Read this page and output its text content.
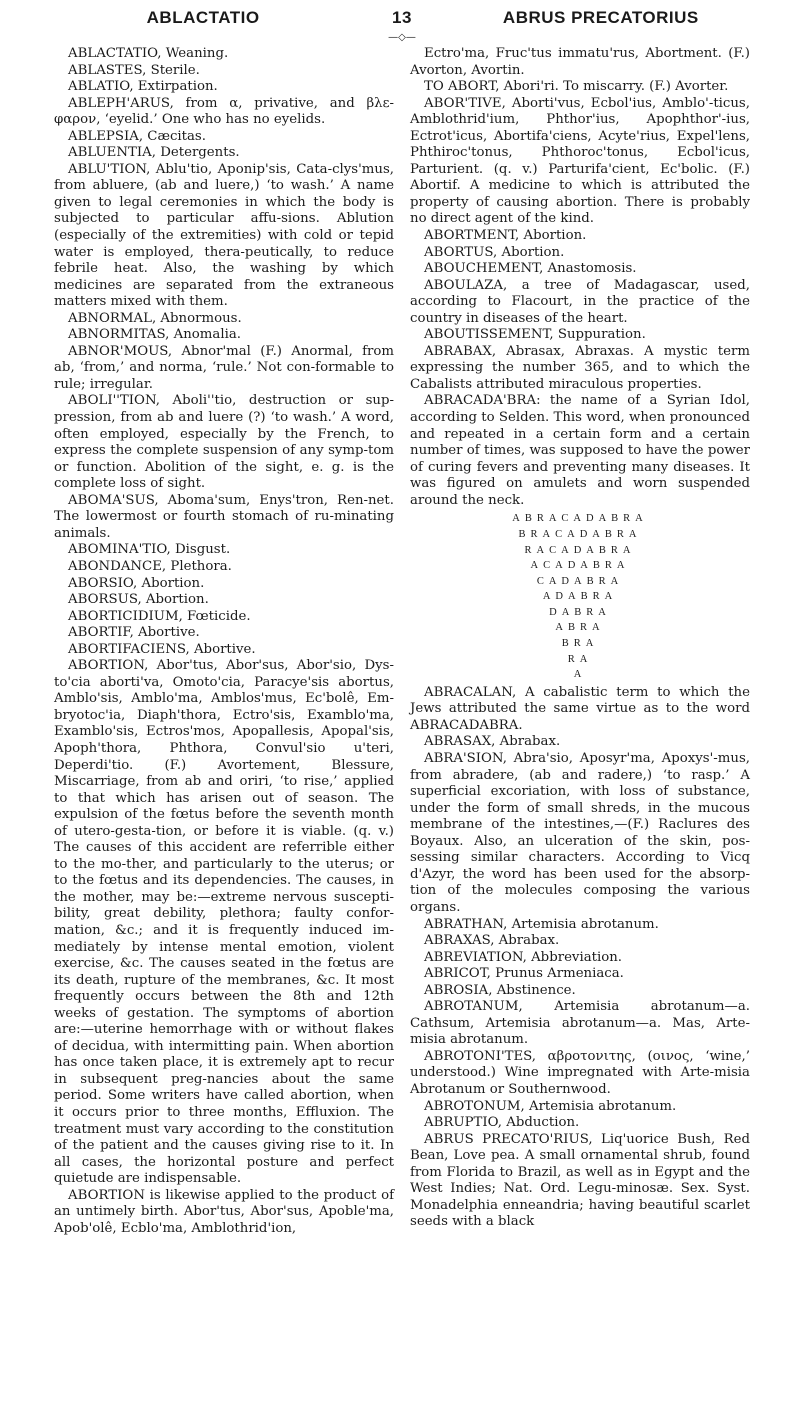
ABLACTATIO	13	ABRUS PRECATORIUS
—◇—

ABLACTATIO, Weaning.

ABLASTES, Sterile.

ABLATIO, Extirpation.

ABLEPH'ARUS, from α, privative, and βλε-φαρον, ‘eyelid.’ One who has no eyelids.

ABLEPSIA, Cæcitas.

ABLUENTIA, Detergents.

ABLU'TION, Ablu'tio, Aponip'sis, Cata-clys'mus, from abluere, (ab and luere,) ‘to wash.’ A name given to legal ceremonies in which the body is subjected to particular affu-sions. Ablution (especially of the extremities) with cold or tepid water is employed, thera-peutically, to reduce febrile heat. Also, the washing by which medicines are separated from the extraneous matters mixed with them.

ABNORMAL, Abnormous.

ABNORMITAS, Anomalia.

ABNOR'MOUS, Abnor'mal (F.) Anormal, from ab, ‘from,’ and norma, ‘rule.’ Not con-formable to rule; irregular.

ABOLI''TION, Aboli''tio, destruction or sup-pression, from ab and luere (?) ‘to wash.’ A word, often employed, especially by the French, to express the complete suspension of any symp-tom or function. Abolition of the sight, e. g. is the complete loss of sight.

ABOMA'SUS, Aboma'sum, Enys'tron, Ren-net. The lowermost or fourth stomach of ru-minating animals.

ABOMINA'TIO, Disgust.

ABONDANCE, Plethora.

ABORSIO, Abortion.

ABORSUS, Abortion.

ABORTICIDIUM, Fœticide.

ABORTIF, Abortive.

ABORTIFACIENS, Abortive.

ABORTION, Abor'tus, Abor'sus, Abor'sio, Dys-to'cia aborti'va, Omoto'cia, Paracye'sis abortus, Amblo'sis, Amblo'ma, Amblos'mus, Ec'bolê, Em-bryotoc'ia, Diaph'thora, Ectro'sis, Examblo'ma, Examblo'sis, Ectros'mos, Apopallesis, Apopal'sis, Apoph'thora, Phthora, Convul'sio u'teri, Deperdi'tio. (F.) Avortement, Blessure, Miscarriage, from ab and oriri, ‘to rise,’ applied to that which has arisen out of season. The expulsion of the fœtus before the seventh month of utero-gesta-tion, or before it is viable. (q. v.) The causes of this accident are referrible either to the mo-ther, and particularly to the uterus; or to the fœtus and its dependencies. The causes, in the mother, may be:—extreme nervous suscepti-bility, great debility, plethora; faulty confor-mation, &c.; and it is frequently induced im-mediately by intense mental emotion, violent exercise, &c. The causes seated in the fœtus are its death, rupture of the membranes, &c. It most frequently occurs between the 8th and 12th weeks of gestation. The symptoms of abortion are:—uterine hemorrhage with or without flakes of decidua, with intermitting pain. When abortion has once taken place, it is extremely apt to recur in subsequent preg-nancies about the same period. Some writers have called abortion, when it occurs prior to three months, Effluxion. The treatment must vary according to the constitution of the patient and the causes giving rise to it. In all cases, the horizontal posture and perfect quietude are indispensable.

ABORTION is likewise applied to the product of an untimely birth. Abor'tus, Abor'sus, Apoble'ma, Apob'olê, Ecblo'ma, Amblothrid'ion,

Ectro'ma, Fruc'tus immatu'rus, Abortment. (F.) Avorton, Avortin.

TO ABORT, Abori'ri. To miscarry. (F.) Avorter.

ABOR'TIVE, Aborti'vus, Ecbol'ius, Amblo'-ticus, Amblothrid'ium, Phthor'ius, Apophthor'-ius, Ectrot'icus, Abortifa'ciens, Acyte'rius, Expel'lens, Phthiroc'tonus, Phthoroc'tonus, Ecbol'icus, Parturient. (q. v.) Parturifa'cient, Ec'bolic. (F.) Abortif. A medicine to which is attributed the property of causing abortion. There is probably no direct agent of the kind.

ABORTMENT, Abortion.

ABORTUS, Abortion.

ABOUCHEMENT, Anastomosis.

ABOULAZA, a tree of Madagascar, used, according to Flacourt, in the practice of the country in diseases of the heart.

ABOUTISSEMENT, Suppuration.

ABRABAX, Abrasax, Abraxas. A mystic term expressing the number 365, and to which the Cabalists attributed miraculous properties.

ABRACADA'BRA: the name of a Syrian Idol, according to Selden. This word, when pronounced and repeated in a certain form and a certain number of times, was supposed to have the power of curing fevers and preventing many diseases. It was figured on amulets and worn suspended around the neck.

ABRACADABRA
BRACADABRA
RACADABRA
ACADABRA
CADABRA
ADABRA
DABRA
ABRA
BRA
RA
A

ABRACALAN, A cabalistic term to which the Jews attributed the same virtue as to the word ABRACADABRA.

ABRASAX, Abrabax.

ABRA'SION, Abra'sio, Aposyr'ma, Apoxys'-mus, from abradere, (ab and radere,) ‘to rasp.’ A superficial excoriation, with loss of substance, under the form of small shreds, in the mucous membrane of the intestines,—(F.) Raclures des Boyaux. Also, an ulceration of the skin, pos-sessing similar characters. According to Vicq d'Azyr, the word has been used for the absorp-tion of the molecules composing the various organs.

ABRATHAN, Artemisia abrotanum.

ABRAXAS, Abrabax.

ABREVIATION, Abbreviation.

ABRICOT, Prunus Armeniaca.

ABROSIA, Abstinence.

ABROTANUM, Artemisia abrotanum—a. Cathsum, Artemisia abrotanum—a. Mas, Arte-misia abrotanum.

ABROTONI'TES, αβροτονιτης, (οινος, ‘wine,’ understood.) Wine impregnated with Arte-misia Abrotanum or Southernwood.

ABROTONUM, Artemisia abrotanum.

ABRUPTIO, Abduction.

ABRUS PRECATO'RIUS, Liq'uorice Bush, Red Bean, Love pea. A small ornamental shrub, found from Florida to Brazil, as well as in Egypt and the West Indies; Nat. Ord. Legu-minosæ. Sex. Syst. Monadelphia enneandria; having beautiful scarlet seeds with a black
